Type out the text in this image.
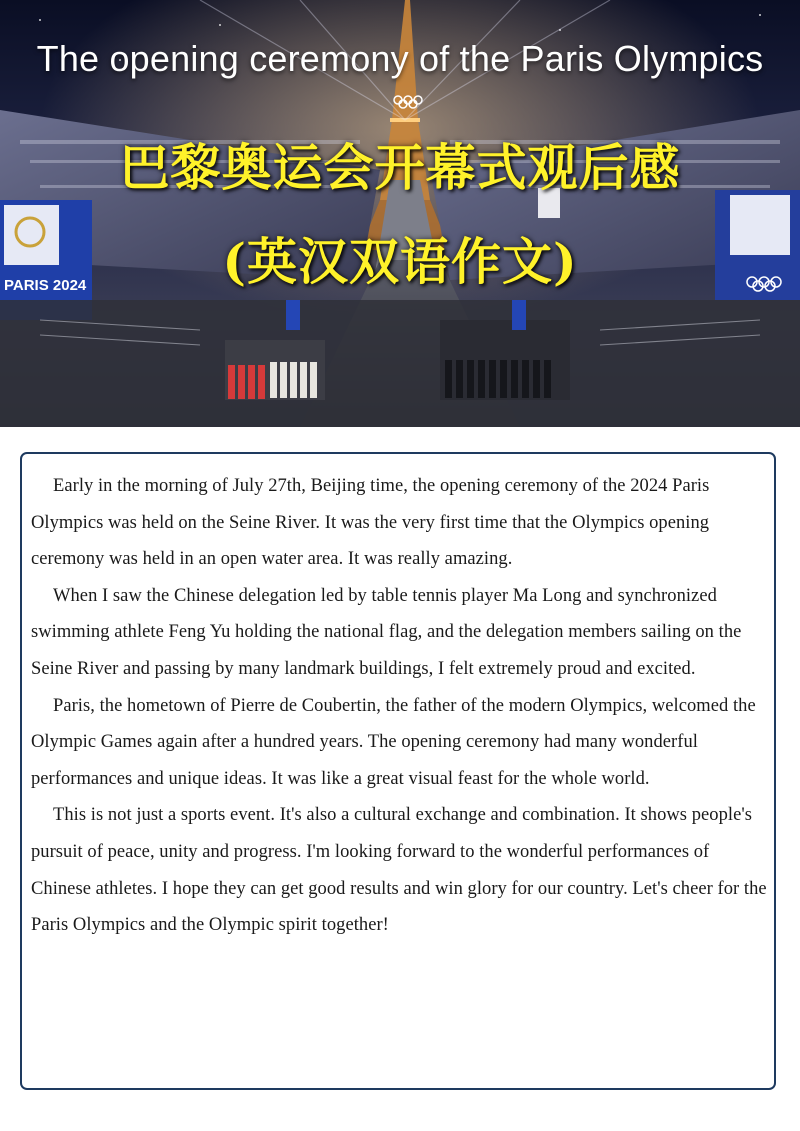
PARIS 2024
The opening ceremony of the Paris Olympics
巴黎奥运会开幕式观后感
(英汉双语作文)

Early in the morning of July 27th, Beijing time, the opening ceremony of the 2024 Paris Olympics was held on the Seine River. It was the very first time that the Olympics opening ceremony was held in an open water area. It was really amazing.

When I saw the Chinese delegation led by table tennis player Ma Long and synchronized swimming athlete Feng Yu holding the national flag, and the delegation members sailing on the Seine River and passing by many landmark buildings, I felt extremely proud and excited.

Paris, the hometown of Pierre de Coubertin, the father of the modern Olympics, welcomed the Olympic Games again after a hundred years. The opening ceremony had many wonderful performances and unique ideas. It was like a great visual feast for the whole world.

This is not just a sports event. It's also a cultural exchange and combination. It shows people's pursuit of peace, unity and progress. I'm looking forward to the wonderful performances of Chinese athletes. I hope they can get good results and win glory for our country. Let's cheer for the Paris Olympics and the Olympic spirit together!
